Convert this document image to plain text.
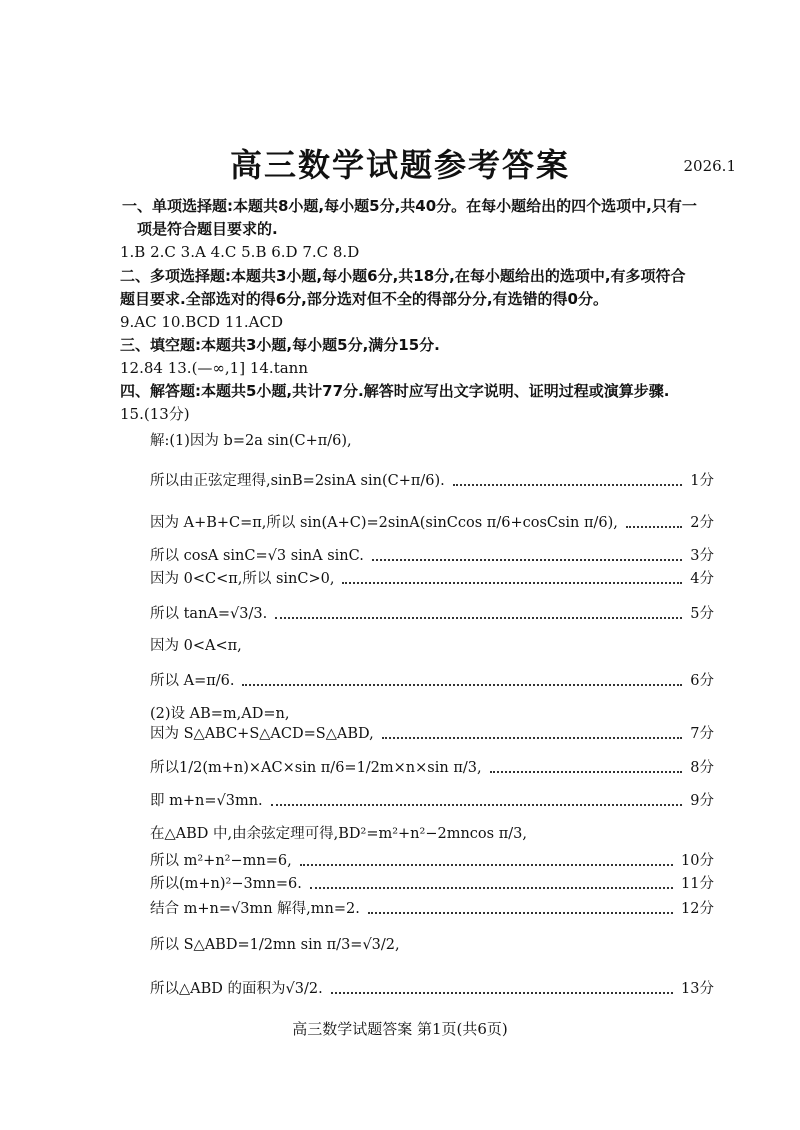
高三数学试题参考答案	2026.1
一、单项选择题:本题共8小题,每小题5分,共40分。在每小题给出的四个选项中,只有一
项是符合题目要求的.
1.B 2.C 3.A 4.C 5.B 6.D 7.C 8.D
二、多项选择题:本题共3小题,每小题6分,共18分,在每小题给出的选项中,有多项符合
题目要求.全部选对的得6分,部分选对但不全的得部分分,有选错的得0分。
9.AC 10.BCD 11.ACD
三、填空题:本题共3小题,每小题5分,满分15分.
12.84 13.(—∞,1] 14.tann
四、解答题:本题共5小题,共计77分.解答时应写出文字说明、证明过程或演算步骤.
15.(13分)
解:(1)因为 b=2a sin(C+π/6),
所以由正弦定理得,sinB=2sinA sin(C+π/6).	1分
因为 A+B+C=π,所以 sin(A+C)=2sinA(sinCcos π/6+cosCsin π/6),	2分
所以 cosA sinC=√3 sinA sinC.	3分
因为 0<C<π,所以 sinC>0,	4分
所以 tanA=√3/3.	5分
因为 0<A<π,
所以 A=π/6.	6分
(2)设 AB=m,AD=n,
因为 S△ABC+S△ACD=S△ABD,	7分
所以1/2(m+n)×AC×sin π/6=1/2m×n×sin π/3,	8分
即 m+n=√3mn.	9分
在△ABD 中,由余弦定理可得,BD²=m²+n²−2mncos π/3,
所以 m²+n²−mn=6,	10分
所以(m+n)²−3mn=6.	11分
结合 m+n=√3mn 解得,mn=2.	12分
所以 S△ABD=1/2mn sin π/3=√3/2,
所以△ABD 的面积为√3/2.	13分
高三数学试题答案 第1页(共6页)
